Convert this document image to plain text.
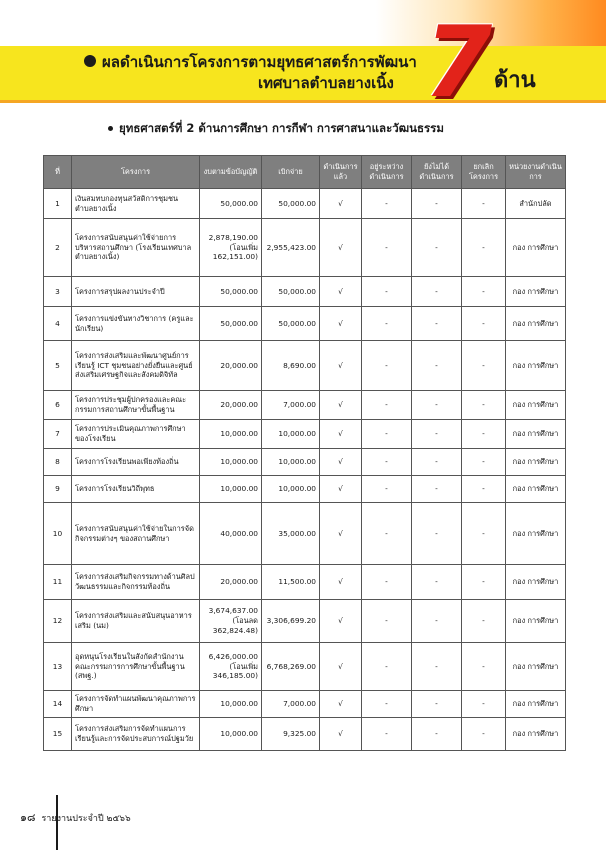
ผลดำเนินการโครงการตามยุทธศาสตร์การพัฒนา
เทศบาลตำบลยางเนิ้ง 7 ด้าน
ยุทธศาสตร์ที่ 2 ด้านการศึกษา การกีฬา การศาสนาและวัฒนธรรม
ที่	โครงการ	งบตามข้อบัญญัติ	เบิกจ่าย	ดำเนินการแล้ว	อยู่ระหว่างดำเนินการ	ยังไม่ได้ดำเนินการ	ยกเลิกโครงการ	หน่วยงานดำเนินการ
1	เงินสมทบกองทุนสวัสดิการชุมชนตำบลยางเนิ้ง	50,000.00	50,000.00	√	-	-	-	สำนักปลัด
2	โครงการสนับสนุนค่าใช้จ่ายการบริหารสถานศึกษา (โรงเรียนเทศบาลตำบลยางเนิ้ง)	2,878,190.00 (โอนเพิ่ม 162,151.00)	2,955,423.00	√	-	-	-	กอง การศึกษา
3	โครงการสรุปผลงานประจำปี	50,000.00	50,000.00	√	-	-	-	กอง การศึกษา
4	โครงการแข่งขันทางวิชาการ (ครูและนักเรียน)	50,000.00	50,000.00	√	-	-	-	กอง การศึกษา
5	โครงการส่งเสริมและพัฒนาศูนย์การเรียนรู้ ICT ชุมชนอย่างยั่งยืนและศูนย์ส่งเสริมเศรษฐกิจและสังคมดิจิทัล	20,000.00	8,690.00	√	-	-	-	กอง การศึกษา
6	โครงการประชุมผู้ปกครองและคณะกรรมการสถานศึกษาขั้นพื้นฐาน	20,000.00	7,000.00	√	-	-	-	กอง การศึกษา
7	โครงการประเมินคุณภาพการศึกษาของโรงเรียน	10,000.00	10,000.00	√	-	-	-	กอง การศึกษา
8	โครงการโรงเรียนพอเพียงท้องถิ่น	10,000.00	10,000.00	√	-	-	-	กอง การศึกษา
9	โครงการโรงเรียนวิถีพุทธ	10,000.00	10,000.00	√	-	-	-	กอง การศึกษา
10	โครงการสนับสนุนค่าใช้จ่ายในการจัดกิจกรรมต่างๆ ของสถานศึกษา	40,000.00	35,000.00	√	-	-	-	กอง การศึกษา
11	โครงการส่งเสริมกิจกรรมทางด้านศิลปวัฒนธรรมและกิจกรรมท้องถิ่น	20,000.00	11,500.00	√	-	-	-	กอง การศึกษา
12	โครงการส่งเสริมและสนับสนุนอาหารเสริม (นม)	3,674,637.00 (โอนลด 362,824.48)	3,306,699.20	√	-	-	-	กอง การศึกษา
13	อุดหนุนโรงเรียนในสังกัดสำนักงานคณะกรรมการการศึกษาขั้นพื้นฐาน (สพฐ.)	6,426,000.00 (โอนเพิ่ม 346,185.00)	6,768,269.00	√	-	-	-	กอง การศึกษา
14	โครงการจัดทำแผนพัฒนาคุณภาพการศึกษา	10,000.00	7,000.00	√	-	-	-	กอง การศึกษา
15	โครงการส่งเสริมการจัดทำแผนการเรียนรู้และการจัดประสบการณ์ปฐมวัย	10,000.00	9,325.00	√	-	-	-	กอง การศึกษา
๑๘ รายงานประจำปี ๒๕๖๖
